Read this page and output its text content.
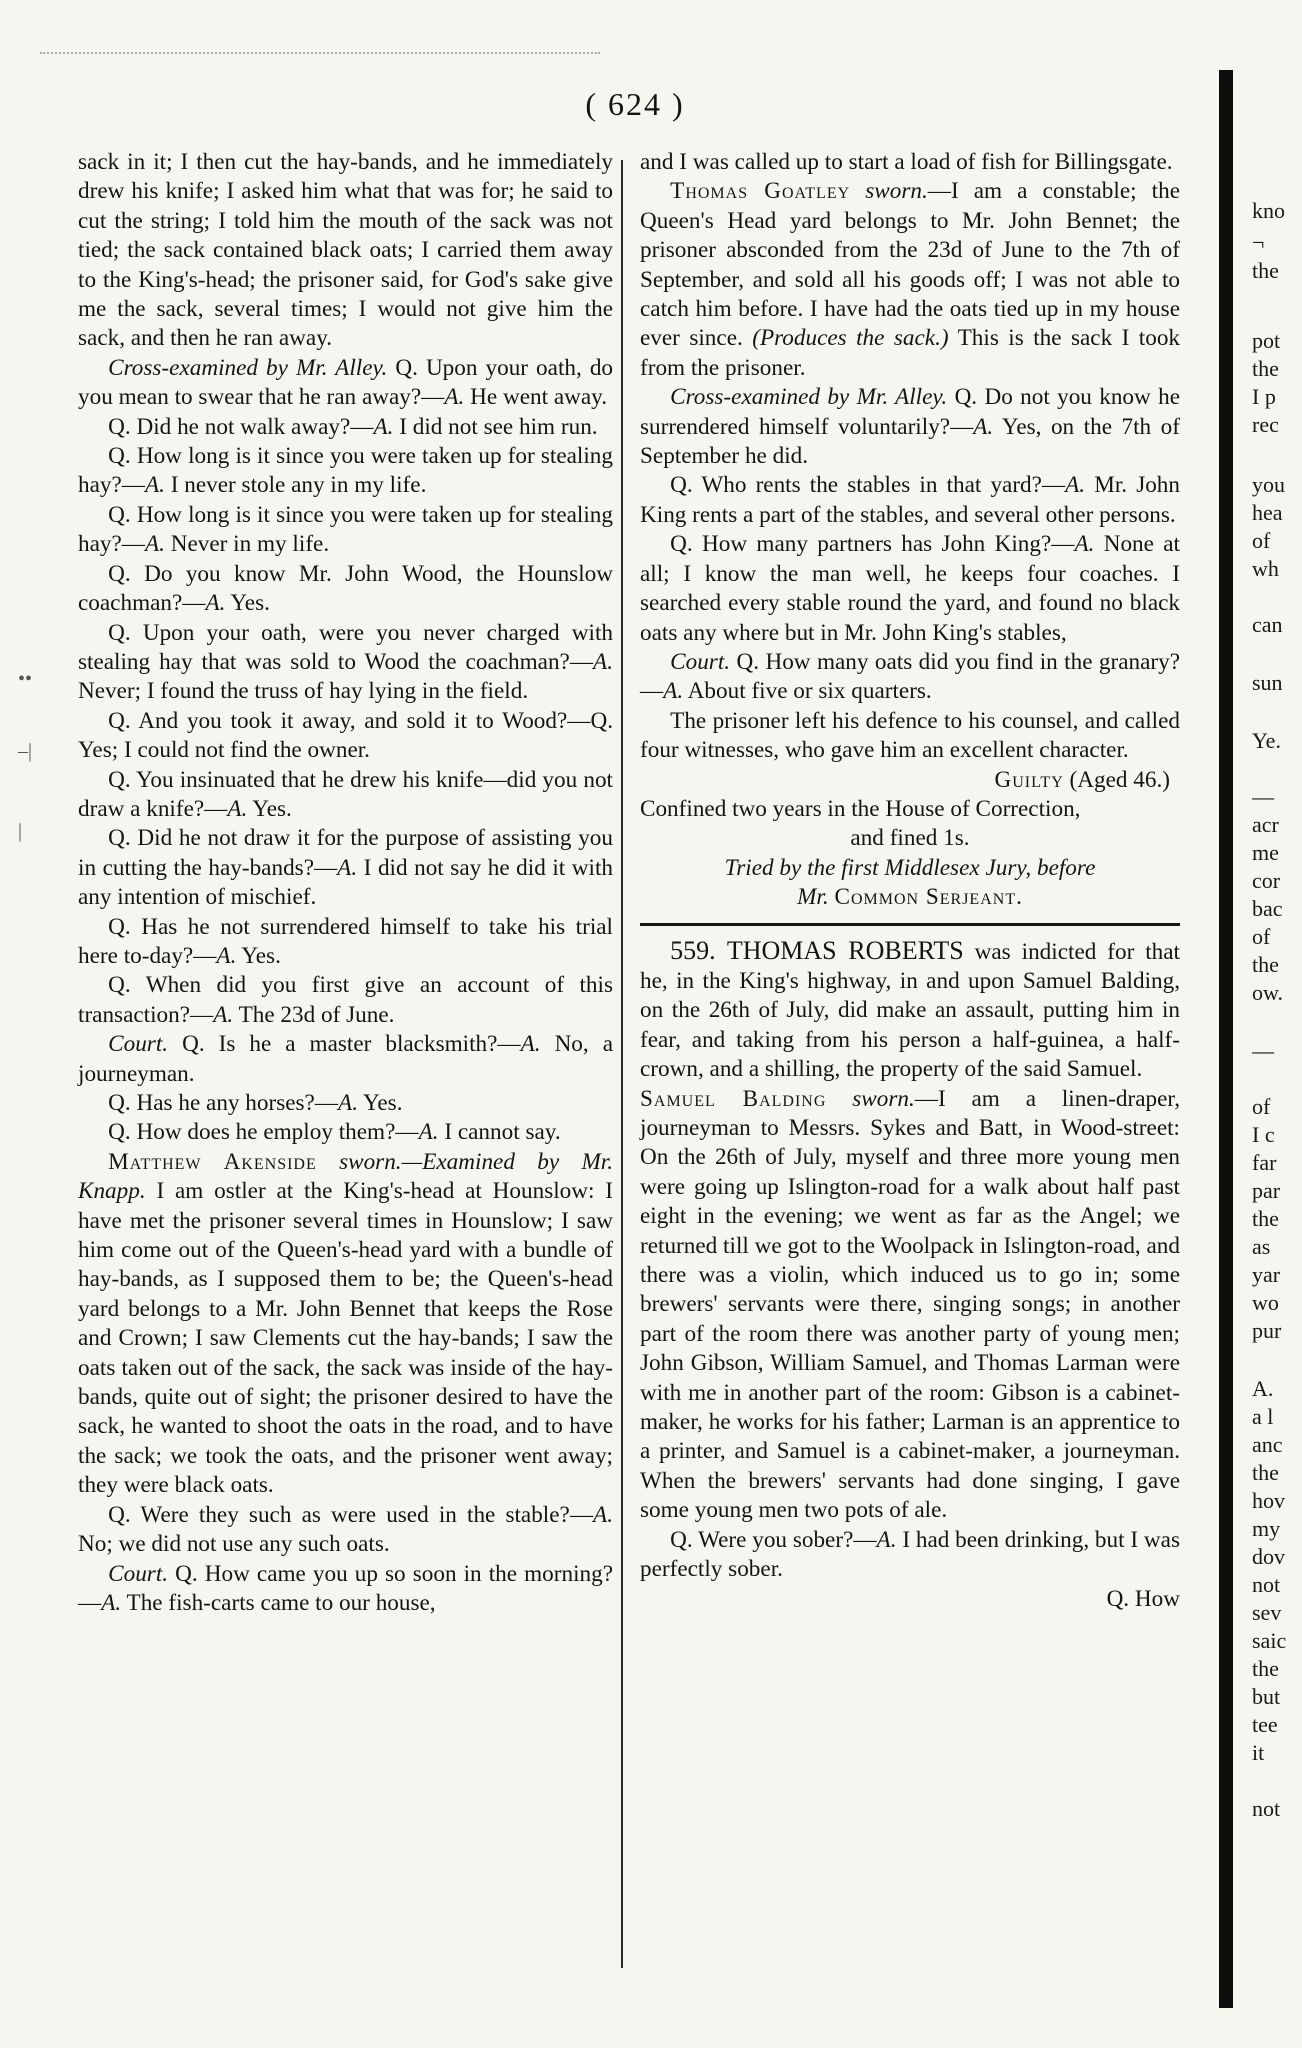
( 624 )

sack in it; I then cut the hay-bands, and he immediately drew his knife; I asked him what that was for; he said to cut the string; I told him the mouth of the sack was not tied; the sack contained black oats; I carried them away to the King's-head; the prisoner said, for God's sake give me the sack, several times; I would not give him the sack, and then he ran away.

Cross-examined by Mr. Alley. Q. Upon your oath, do you mean to swear that he ran away?—A. He went away.

Q. Did he not walk away?—A. I did not see him run.

Q. How long is it since you were taken up for stealing hay?—A. I never stole any in my life.

Q. How long is it since you were taken up for stealing hay?—A. Never in my life.

Q. Do you know Mr. John Wood, the Hounslow coachman?—A. Yes.

Q. Upon your oath, were you never charged with stealing hay that was sold to Wood the coachman?—A. Never; I found the truss of hay lying in the field.

Q. And you took it away, and sold it to Wood?—Q. Yes; I could not find the owner.

Q. You insinuated that he drew his knife—did you not draw a knife?—A. Yes.

Q. Did he not draw it for the purpose of assisting you in cutting the hay-bands?—A. I did not say he did it with any intention of mischief.

Q. Has he not surrendered himself to take his trial here to-day?—A. Yes.

Q. When did you first give an account of this transaction?—A. The 23d of June.

Court. Q. Is he a master blacksmith?—A. No, a journeyman.

Q. Has he any horses?—A. Yes.

Q. How does he employ them?—A. I cannot say.

Matthew Akenside sworn.—Examined by Mr. Knapp. I am ostler at the King's-head at Hounslow: I have met the prisoner several times in Hounslow; I saw him come out of the Queen's-head yard with a bundle of hay-bands, as I supposed them to be; the Queen's-head yard belongs to a Mr. John Bennet that keeps the Rose and Crown; I saw Clements cut the hay-bands; I saw the oats taken out of the sack, the sack was inside of the hay-bands, quite out of sight; the prisoner desired to have the sack, he wanted to shoot the oats in the road, and to have the sack; we took the oats, and the prisoner went away; they were black oats.

Q. Were they such as were used in the stable?—A. No; we did not use any such oats.

Court. Q. How came you up so soon in the morning?—A. The fish-carts came to our house,

and I was called up to start a load of fish for Billingsgate.

Thomas Goatley sworn.—I am a constable; the Queen's Head yard belongs to Mr. John Bennet; the prisoner absconded from the 23d of June to the 7th of September, and sold all his goods off; I was not able to catch him before. I have had the oats tied up in my house ever since. (Produces the sack.) This is the sack I took from the prisoner.

Cross-examined by Mr. Alley. Q. Do not you know he surrendered himself voluntarily?—A. Yes, on the 7th of September he did.

Q. Who rents the stables in that yard?—A. Mr. John King rents a part of the stables, and several other persons.

Q. How many partners has John King?—A. None at all; I know the man well, he keeps four coaches. I searched every stable round the yard, and found no black oats any where but in Mr. John King's stables,

Court. Q. How many oats did you find in the granary?—A. About five or six quarters.

The prisoner left his defence to his counsel, and called four witnesses, who gave him an excellent character.

Guilty (Aged 46.)

Confined two years in the House of Correction,

and fined 1s.

Tried by the first Middlesex Jury, before

Mr. Common Serjeant.

559. THOMAS ROBERTS was indicted for that he, in the King's highway, in and upon Samuel Balding, on the 26th of July, did make an assault, putting him in fear, and taking from his person a half-guinea, a half-crown, and a shilling, the property of the said Samuel.

Samuel Balding sworn.—I am a linen-draper, journeyman to Messrs. Sykes and Batt, in Wood-street: On the 26th of July, myself and three more young men were going up Islington-road for a walk about half past eight in the evening; we went as far as the Angel; we returned till we got to the Woolpack in Islington-road, and there was a violin, which induced us to go in; some brewers' servants were there, singing songs; in another part of the room there was another party of young men; John Gibson, William Samuel, and Thomas Larman were with me in another part of the room: Gibson is a cabinet-maker, he works for his father; Larman is an apprentice to a printer, and Samuel is a cabinet-maker, a journeyman. When the brewers' servants had done singing, I gave some young men two pots of ale.

Q. Were you sober?—A. I had been drinking, but I was perfectly sober.

Q. How

kno
¬
the
pot
the
I p
rec
you
hea
of
wh
can
sun
Ye.
—
acr
me
cor
bac
of
the
ow.
—
of
I c
far
par
the
as
yar
wo
pur
A.
a l
anc
the
hov
my
dov
not
sev
saic
the
but
tee
it
not
••
–|
|
